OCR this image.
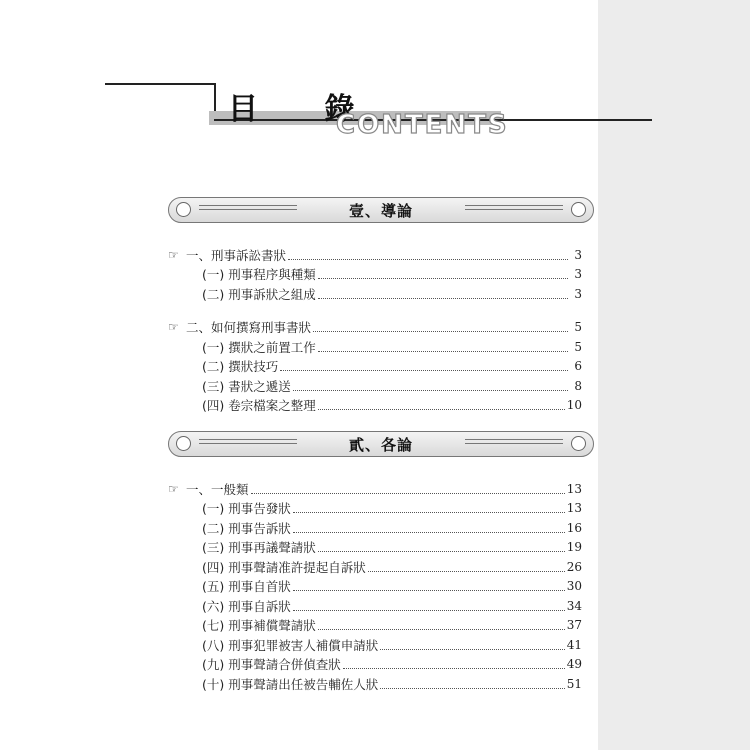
目 錄
CONTENTS
壹、導論
☞ 一、刑事訴訟書狀	3
(一) 刑事程序與種類	3
(二) 刑事訴狀之組成	3
☞ 二、如何撰寫刑事書狀	5
(一) 撰狀之前置工作	5
(二) 撰狀技巧	6
(三) 書狀之遞送	8
(四) 卷宗檔案之整理	10
貳、各論
☞ 一、一般類	13
(一) 刑事告發狀	13
(二) 刑事告訴狀	16
(三) 刑事再議聲請狀	19
(四) 刑事聲請准許提起自訴狀	26
(五) 刑事自首狀	30
(六) 刑事自訴狀	34
(七) 刑事補償聲請狀	37
(八) 刑事犯罪被害人補償申請狀	41
(九) 刑事聲請合併偵查狀	49
(十) 刑事聲請出任被告輔佐人狀	51
